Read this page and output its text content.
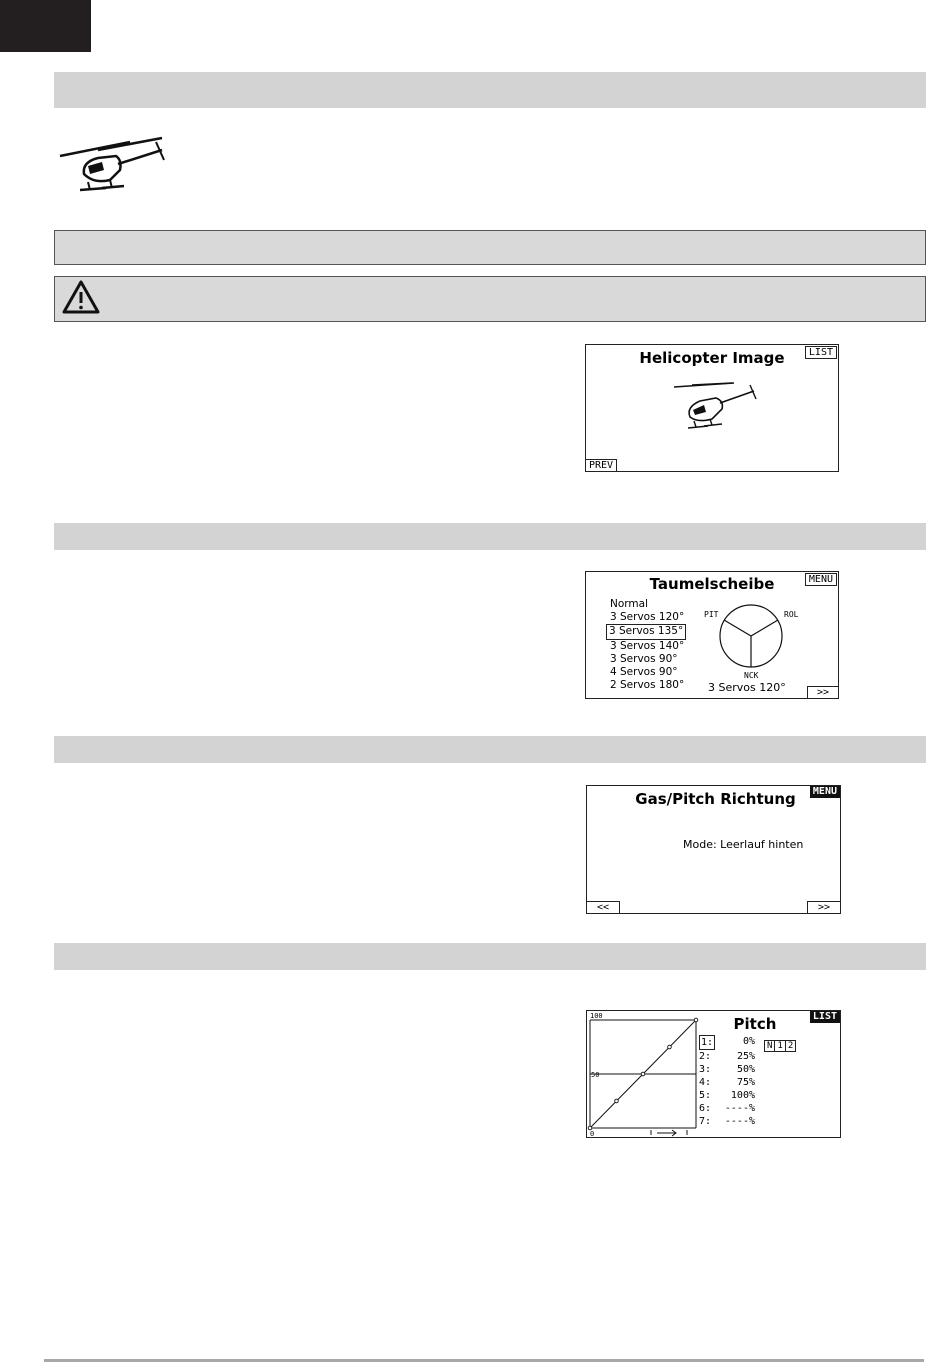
Helicopter Image	LIST
PREV
Taumelscheibe	MENU
Normal
3 Servos 120°
3 Servos 135°
3 Servos 140°
3 Servos 90°
4 Servos 90°
2 Servos 180°
PIT	ROL
NCK
3 Servos 120°	>>
Gas/Pitch Richtung	MENU
Mode: Leerlauf hinten
<<	>>
100
50
0
Pitch	LIST
1:	0%
2:	25%
3:	50%
4:	75%
5: 100%
6: ----%
7: ----%
N 1 2
